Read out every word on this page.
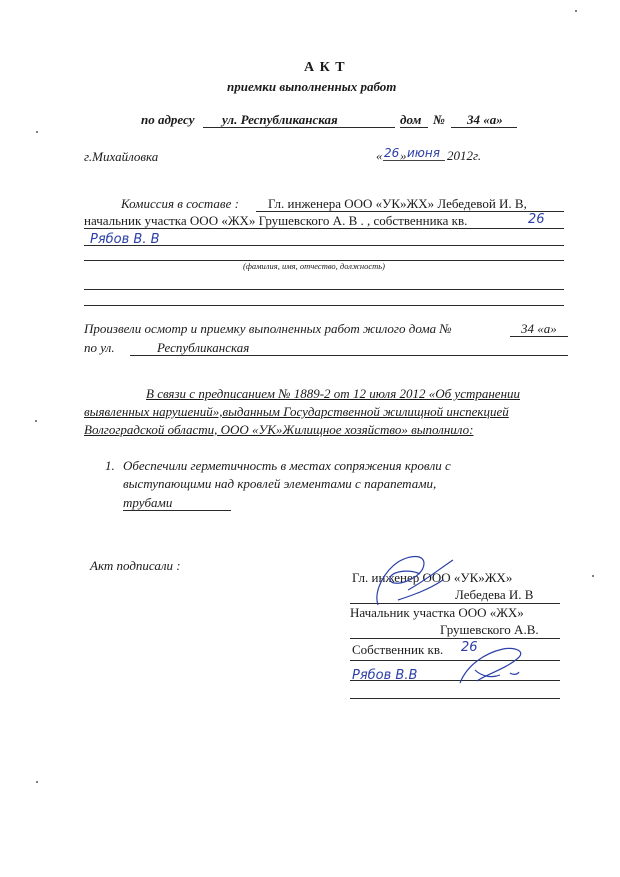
А К Т
приемки выполненных работ
по адресу ул. Республиканская	дом № 34 «а»
г.Михайловка	« 26 » июня 2012г.
Комиссия в составе : Гл. инженера ООО «УК»ЖХ» Лебедевой И. В,
начальник участка ООО «ЖХ» Грушевского А. В . , собственника кв.	26
Рябов В. В
(фамилия, имя, отчество, должность)
Произвели осмотр и приемку выполненных работ жилого дома №	34 «а»
по ул.	Республиканская
В связи с предписанием № 1889-2 от 12 июля 2012 «Об устранении
выявленных нарушений»,выданным Государственной жилищной инспекцией
Волгоградской области, ООО «УК»Жилищное хозяйство» выполнило:
1. Обеспечили герметичность в местах сопряжения кровли с
выступающими над кровлей элементами с парапетами,
трубами
Акт подписали :
Гл. инженер ООО «УК»ЖХ»
Лебедева И. В
Начальник участка ООО «ЖХ»
Грушевского А.В.
Собственник кв. 26
Рябов В.В
